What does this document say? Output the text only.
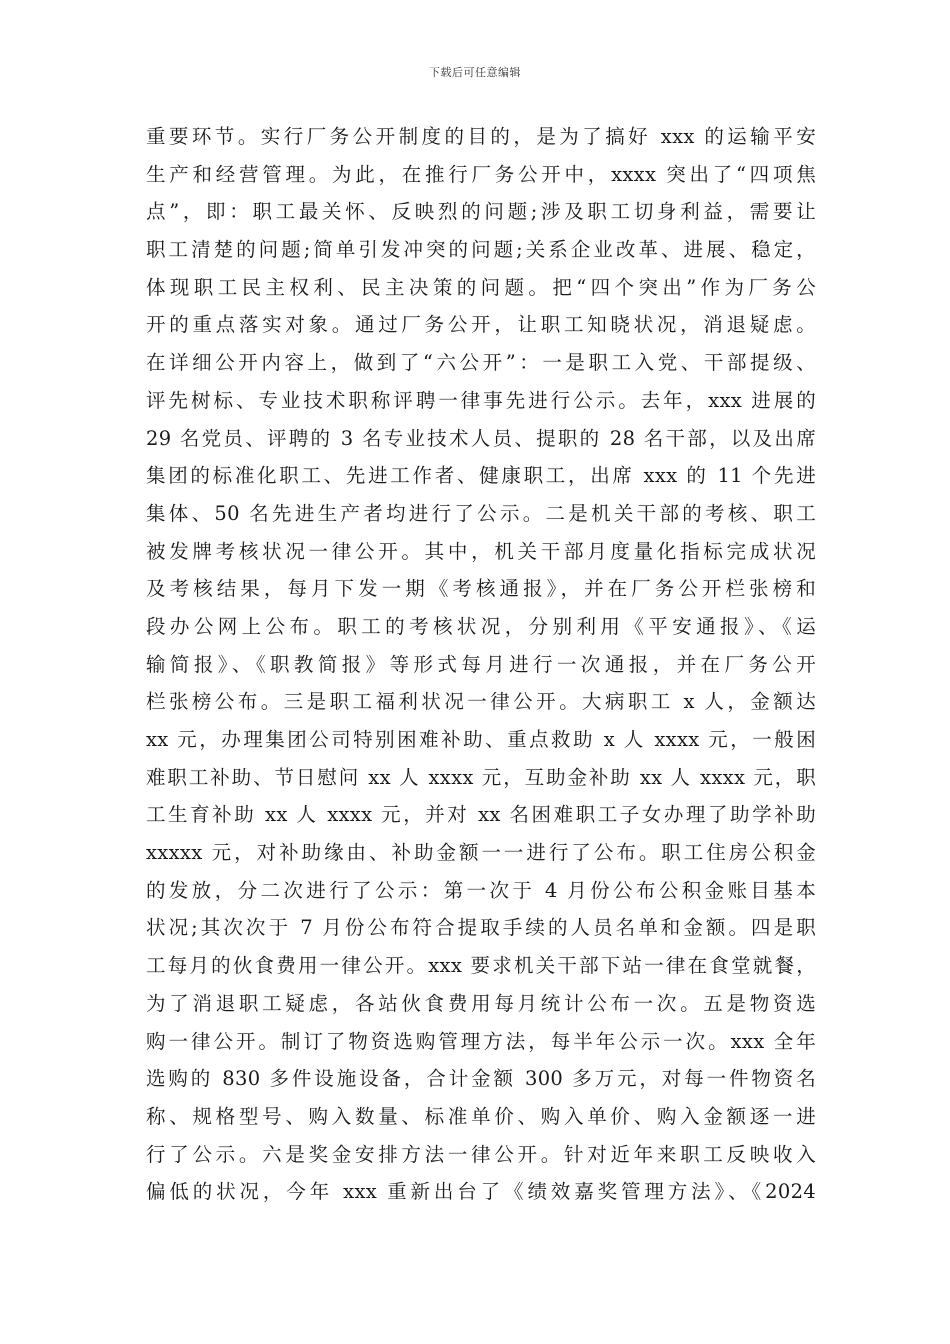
下载后可任意编辑
重要环节。实行厂务公开制度的目的，是为了搞好 xxx 的运输平安
生产和经营管理。为此，在推行厂务公开中，xxxx 突出了“四项焦
点”，即：职工最关怀、反映烈的问题;涉及职工切身利益，需要让
职工清楚的问题;简单引发冲突的问题;关系企业改革、进展、稳定，
体现职工民主权利、民主决策的问题。把“四个突出”作为厂务公
开的重点落实对象。通过厂务公开，让职工知晓状况，消退疑虑。
在详细公开内容上，做到了“六公开”：一是职工入党、干部提级、
评先树标、专业技术职称评聘一律事先进行公示。去年，xxx 进展的
29 名党员、评聘的 3 名专业技术人员、提职的 28 名干部，以及出席
集团的标准化职工、先进工作者、健康职工，出席 xxx 的 11 个先进
集体、50 名先进生产者均进行了公示。二是机关干部的考核、职工
被发牌考核状况一律公开。其中，机关干部月度量化指标完成状况
及考核结果，每月下发一期《考核通报》，并在厂务公开栏张榜和
段办公网上公布。职工的考核状况，分别利用《平安通报》、《运
输简报》、《职教简报》等形式每月进行一次通报，并在厂务公开
栏张榜公布。三是职工福利状况一律公开。大病职工 x 人，金额达
xx 元，办理集团公司特别困难补助、重点救助 x 人 xxxx 元，一般困
难职工补助、节日慰问 xx 人 xxxx 元，互助金补助 xx 人 xxxx 元，职
工生育补助 xx 人 xxxx 元，并对 xx 名困难职工子女办理了助学补助
xxxxx 元，对补助缘由、补助金额一一进行了公布。职工住房公积金
的发放，分二次进行了公示：第一次于 4 月份公布公积金账目基本
状况;其次次于 7 月份公布符合提取手续的人员名单和金额。四是职
工每月的伙食费用一律公开。xxx 要求机关干部下站一律在食堂就餐，
为了消退职工疑虑，各站伙食费用每月统计公布一次。五是物资选
购一律公开。制订了物资选购管理方法，每半年公示一次。xxx 全年
选购的 830 多件设施设备，合计金额 300 多万元，对每一件物资名
称、规格型号、购入数量、标准单价、购入单价、购入金额逐一进
行了公示。六是奖金安排方法一律公开。针对近年来职工反映收入
偏低的状况，今年 xxx 重新出台了《绩效嘉奖管理方法》、《2024
